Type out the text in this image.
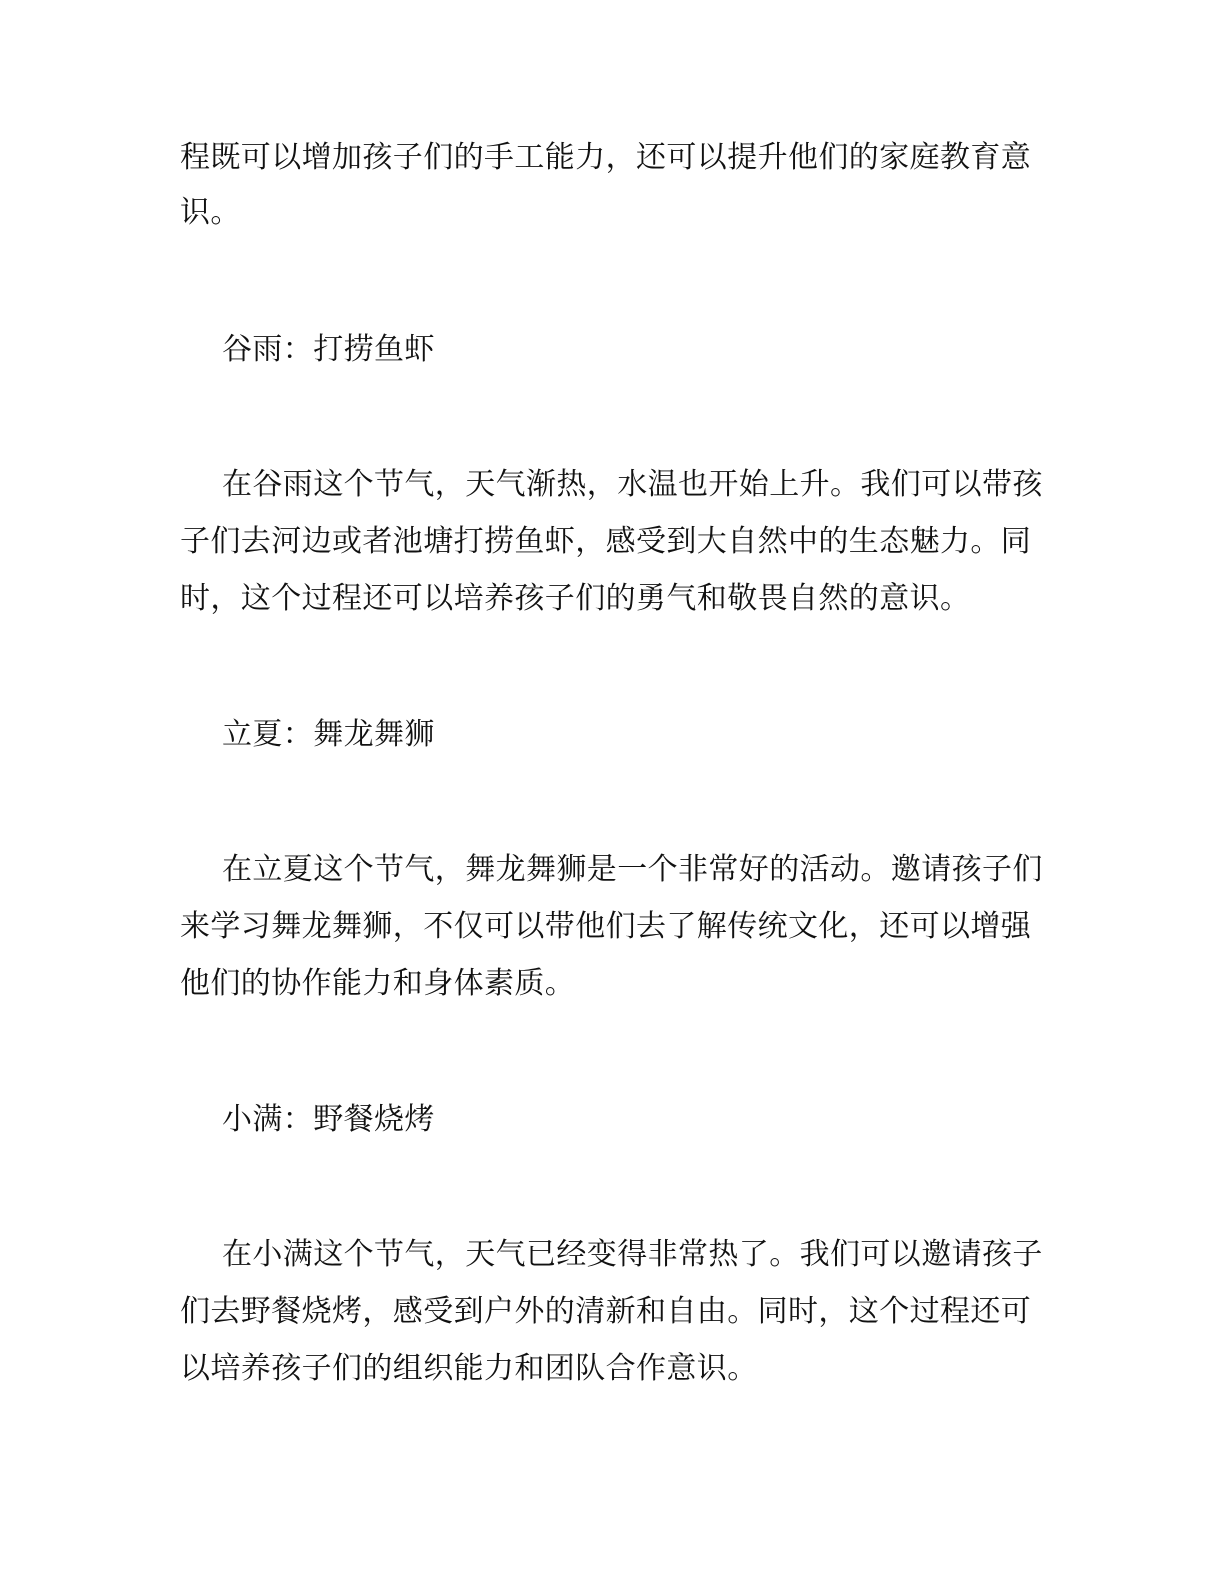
程既可以增加孩子们的手工能力，还可以提升他们的家庭教育意
识。
谷雨：打捞鱼虾
在谷雨这个节气，天气渐热，水温也开始上升。我们可以带孩
子们去河边或者池塘打捞鱼虾，感受到大自然中的生态魅力。同
时，这个过程还可以培养孩子们的勇气和敬畏自然的意识。
立夏：舞龙舞狮
在立夏这个节气，舞龙舞狮是一个非常好的活动。邀请孩子们
来学习舞龙舞狮，不仅可以带他们去了解传统文化，还可以增强
他们的协作能力和身体素质。
小满：野餐烧烤
在小满这个节气，天气已经变得非常热了。我们可以邀请孩子
们去野餐烧烤，感受到户外的清新和自由。同时，这个过程还可
以培养孩子们的组织能力和团队合作意识。
